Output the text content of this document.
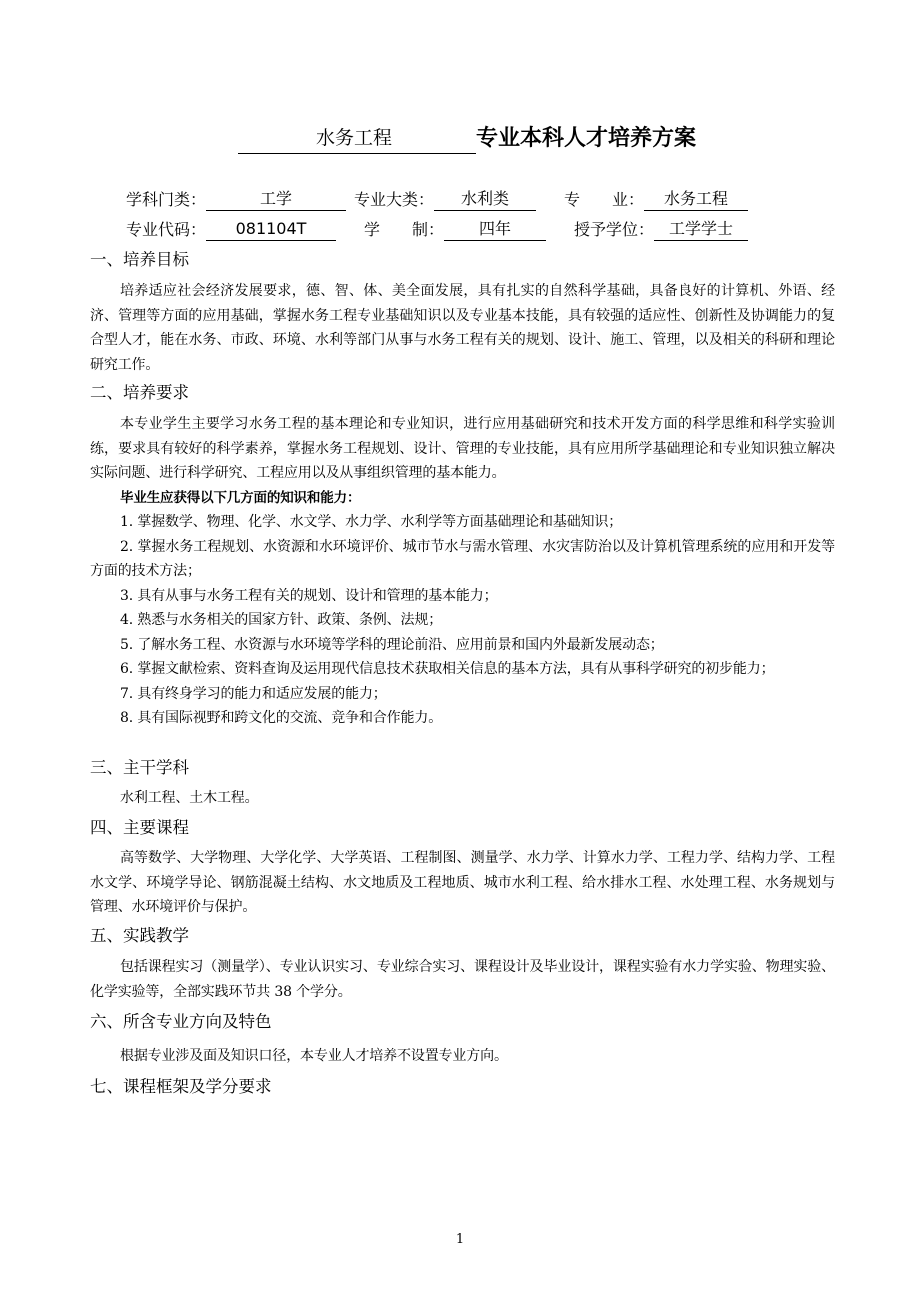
水务工程	专业本科人才培养方案
学科门类：	工学	专业大类：	水利类	专　　业：	水务工程
专业代码：	081104T	学　　制：	四年	授予学位： 工学学士
一、培养目标

培养适应社会经济发展要求，德、智、体、美全面发展，具有扎实的自然科学基础，具备良好的计算机、外语、经济、管理等方面的应用基础，掌握水务工程专业基础知识以及专业基本技能，具有较强的适应性、创新性及协调能力的复合型人才，能在水务、市政、环境、水利等部门从事与水务工程有关的规划、设计、施工、管理，以及相关的科研和理论研究工作。

二、培养要求

本专业学生主要学习水务工程的基本理论和专业知识，进行应用基础研究和技术开发方面的科学思维和科学实验训练，要求具有较好的科学素养，掌握水务工程规划、设计、管理的专业技能，具有应用所学基础理论和专业知识独立解决实际问题、进行科学研究、工程应用以及从事组织管理的基本能力。

毕业生应获得以下几方面的知识和能力：

1. 掌握数学、物理、化学、水文学、水力学、水利学等方面基础理论和基础知识；

2. 掌握水务工程规划、水资源和水环境评价、城市节水与需水管理、水灾害防治以及计算机管理系统的应用和开发等方面的技术方法；

3. 具有从事与水务工程有关的规划、设计和管理的基本能力；

4. 熟悉与水务相关的国家方针、政策、条例、法规；

5. 了解水务工程、水资源与水环境等学科的理论前沿、应用前景和国内外最新发展动态；

6. 掌握文献检索、资料查询及运用现代信息技术获取相关信息的基本方法，具有从事科学研究的初步能力；

7. 具有终身学习的能力和适应发展的能力；

8. 具有国际视野和跨文化的交流、竞争和合作能力。

三、主干学科

水利工程、土木工程。

四、主要课程

高等数学、大学物理、大学化学、大学英语、工程制图、测量学、水力学、计算水力学、工程力学、结构力学、工程水文学、环境学导论、钢筋混凝土结构、水文地质及工程地质、城市水利工程、给水排水工程、水处理工程、水务规划与管理、水环境评价与保护。

五、实践教学

包括课程实习（测量学）、专业认识实习、专业综合实习、课程设计及毕业设计，课程实验有水力学实验、物理实验、化学实验等，全部实践环节共 38 个学分。

六、所含专业方向及特色

根据专业涉及面及知识口径，本专业人才培养不设置专业方向。

七、课程框架及学分要求
1
